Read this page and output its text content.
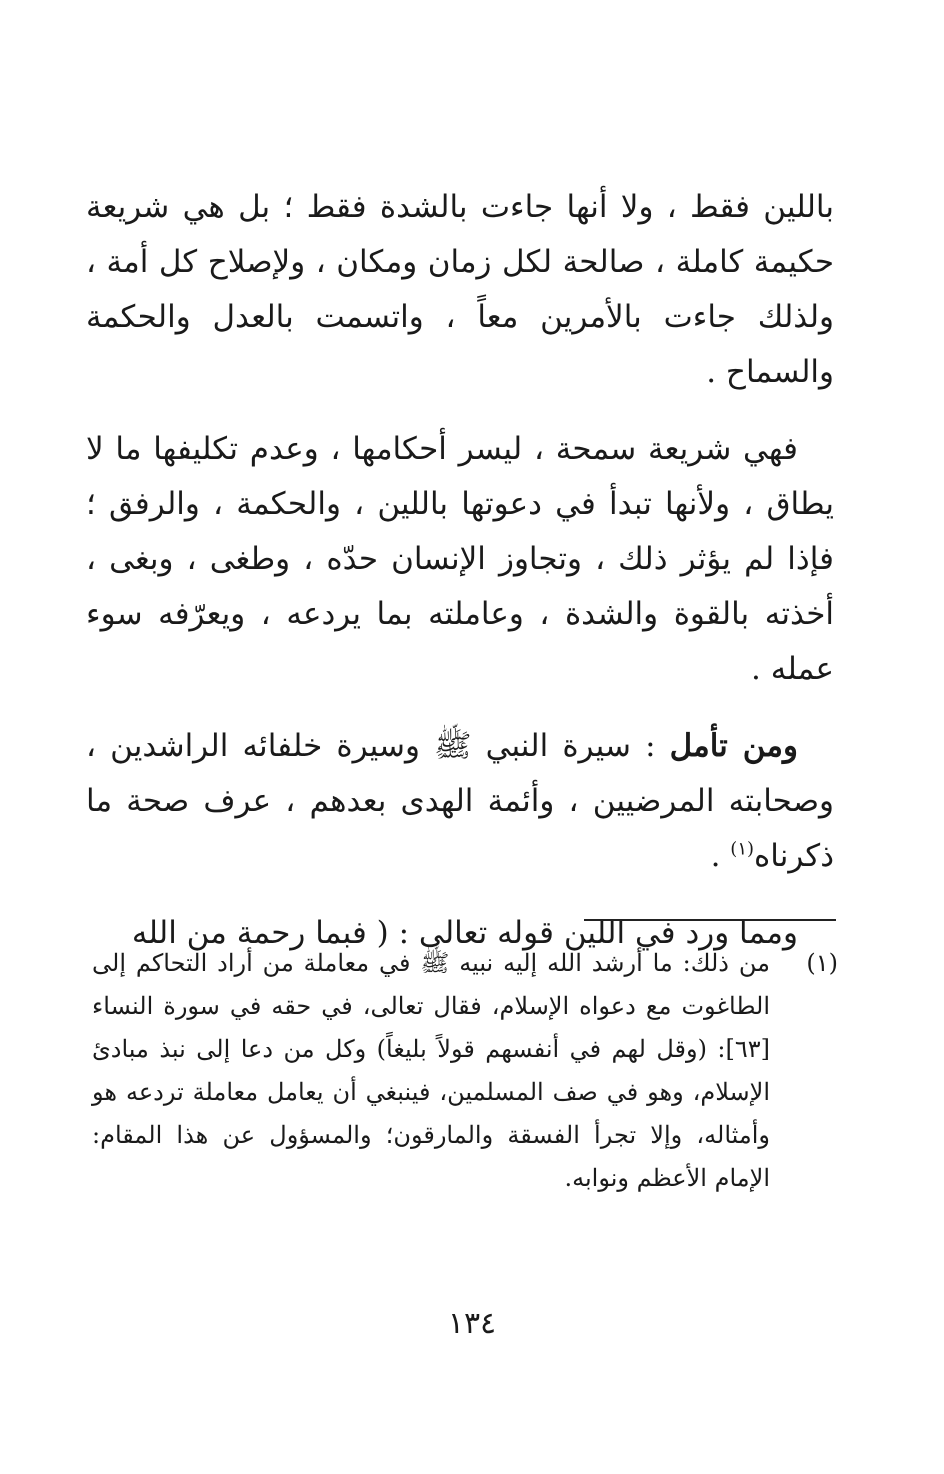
باللين فقط ، ولا أنها جاءت بالشدة فقط ؛ بل هي شريعة حكيمة كاملة ، صالحة لكل زمان ومكان ، ولإصلاح كل أمة ، ولذلك جاءت بالأمرين معاً ، واتسمت بالعدل والحكمة والسماح .

فهي شريعة سمحة ، ليسر أحكامها ، وعدم تكليفها ما لا يطاق ، ولأنها تبدأ في دعوتها باللين ، والحكمة ، والرفق ؛ فإذا لم يؤثر ذلك ، وتجاوز الإنسان حدّه ، وطغى ، وبغى ، أخذته بالقوة والشدة ، وعاملته بما يردعه ، ويعرّفه سوء عمله .

ومن تأمل : سيرة النبي ﷺ وسيرة خلفائه الراشدين ، وصحابته المرضيين ، وأئمة الهدى بعدهم ، عرف صحة ما ذكرناه$^{(١)}$ .

ومما ورد في اللين قوله تعالى : ( فبما رحمة من الله

(١)
من ذلك: ما أرشد الله إليه نبيه ﷺ في معاملة من أراد التحاكم إلى الطاغوت مع دعواه الإسلام، فقال تعالى، في حقه في سورة النساء [٦٣]: (وقل لهم في أنفسهم قولاً بليغاً) وكل من دعا إلى نبذ مبادئ الإسلام، وهو في صف المسلمين، فينبغي أن يعامل معاملة تردعه هو وأمثاله، وإلا تجرأ الفسقة والمارقون؛ والمسؤول عن هذا المقام: الإمام الأعظم ونوابه.
١٣٤
